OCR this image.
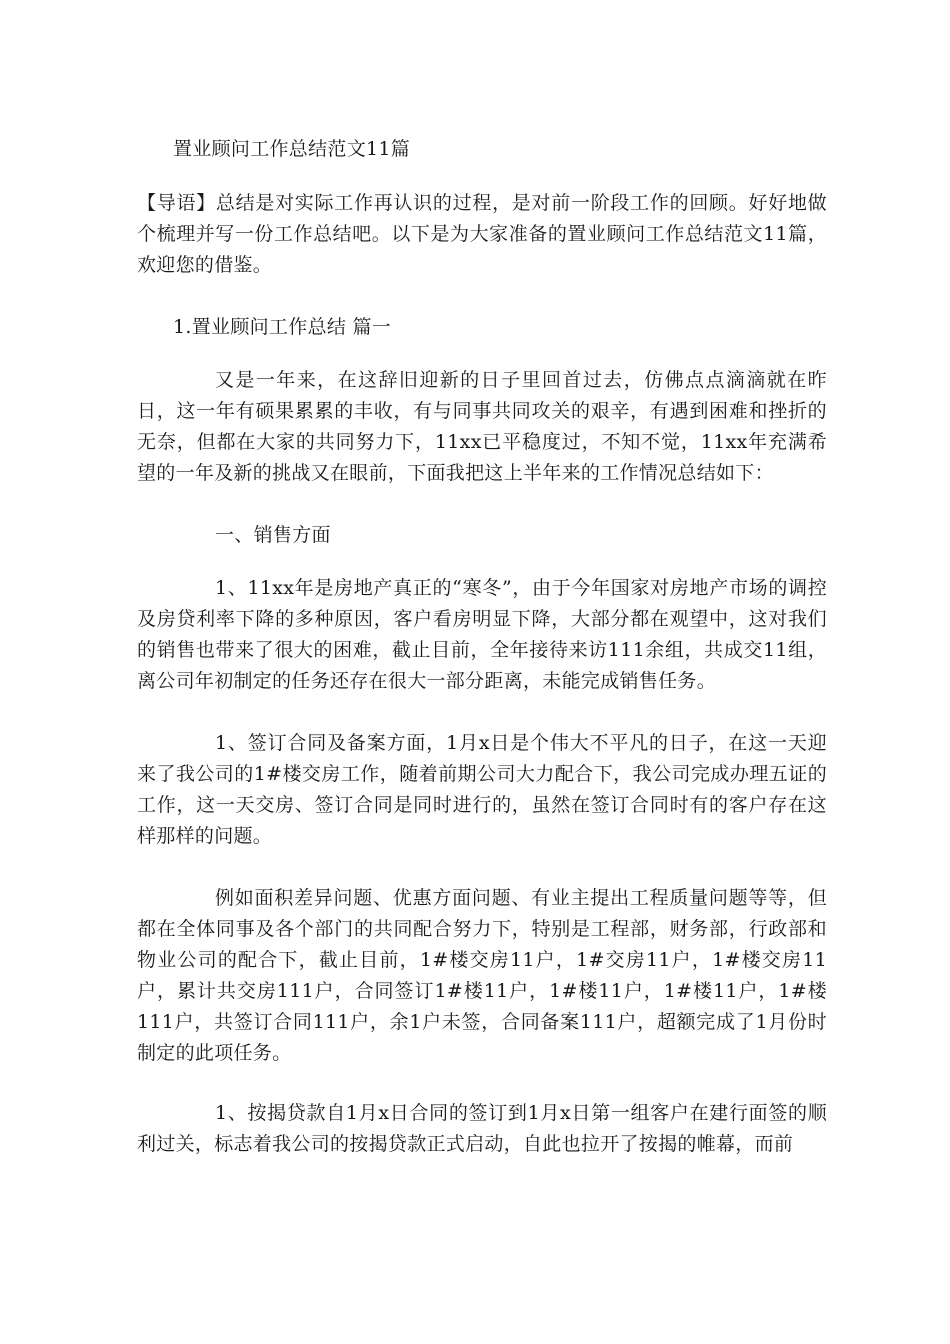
置业顾问工作总结范文11篇

【导语】总结是对实际工作再认识的过程，是对前一阶段工作的回顾。好好地做个梳理并写一份工作总结吧。以下是为大家准备的置业顾问工作总结范文11篇，欢迎您的借鉴。

1.置业顾问工作总结 篇一

又是一年来，在这辞旧迎新的日子里回首过去，仿佛点点滴滴就在昨日，这一年有硕果累累的丰收，有与同事共同攻关的艰辛，有遇到困难和挫折的无奈，但都在大家的共同努力下，11xx已平稳度过，不知不觉，11xx年充满希望的一年及新的挑战又在眼前，下面我把这上半年来的工作情况总结如下：

一、销售方面

1、11xx年是房地产真正的“寒冬”，由于今年国家对房地产市场的调控及房贷利率下降的多种原因，客户看房明显下降，大部分都在观望中，这对我们的销售也带来了很大的困难，截止目前，全年接待来访111余组，共成交11组，离公司年初制定的任务还存在很大一部分距离，未能完成销售任务。

1、签订合同及备案方面，1月x日是个伟大不平凡的日子，在这一天迎来了我公司的1#楼交房工作，随着前期公司大力配合下，我公司完成办理五证的工作，这一天交房、签订合同是同时进行的，虽然在签订合同时有的客户存在这样那样的问题。

例如面积差异问题、优惠方面问题、有业主提出工程质量问题等等，但都在全体同事及各个部门的共同配合努力下，特别是工程部，财务部，行政部和物业公司的配合下，截止目前，1#楼交房11户，1#交房11户，1#楼交房11户，累计共交房111户，合同签订1#楼11户，1#楼11户，1#楼11户，1#楼111户，共签订合同111户，余1户未签，合同备案111户，超额完成了1月份时制定的此项任务。

1、按揭贷款自1月x日合同的签订到1月x日第一组客户在建行面签的顺利过关，标志着我公司的按揭贷款正式启动，自此也拉开了按揭的帷幕，而前
